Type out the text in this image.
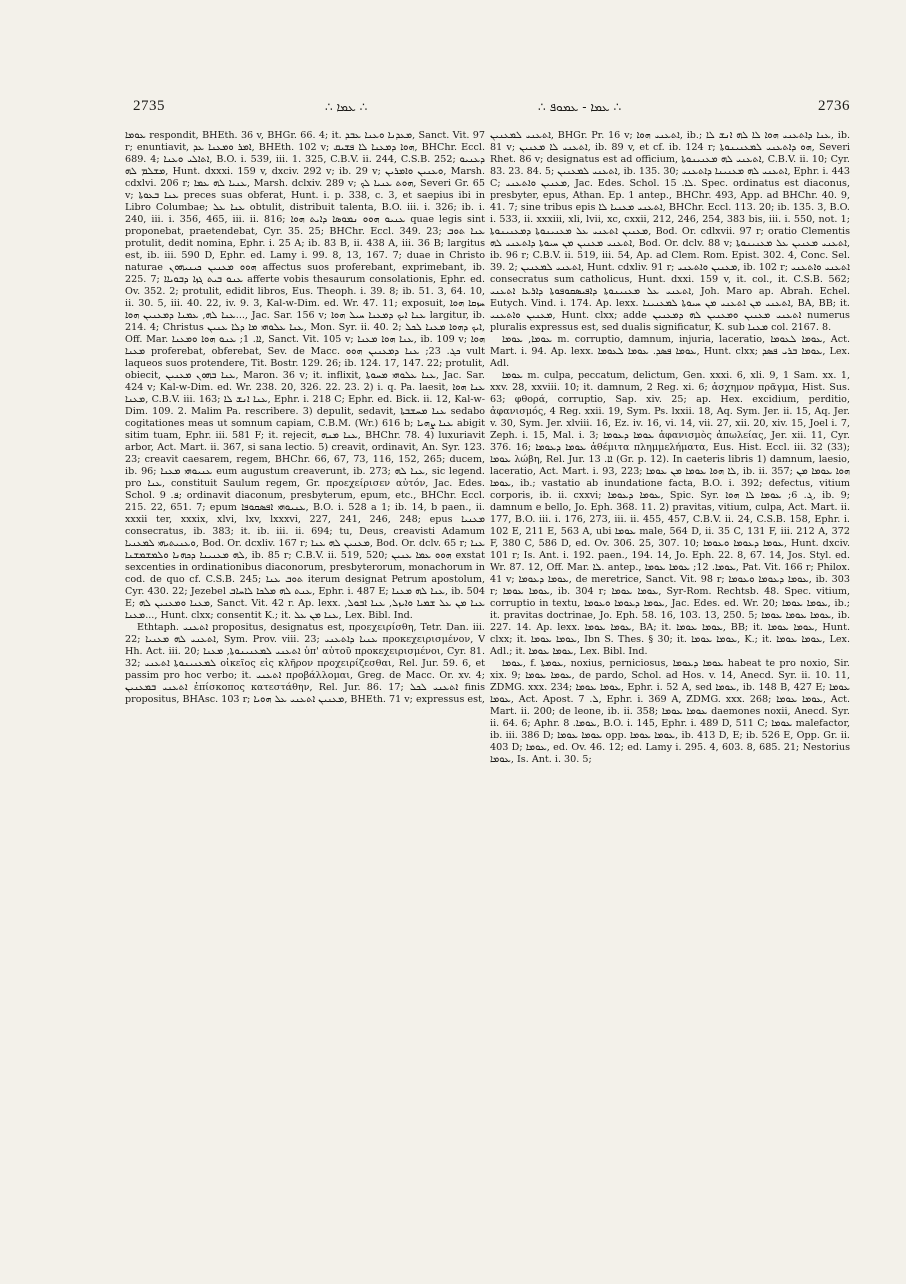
2735	∴ ܥܡܐ ∴	∴ ܥܡܐ - ܥܡܘܦ ∴	2736

ܥܘܡܐ respondit, BHEth. 36 v, BHGr. 66. 4; it. ܡܥܕܢܐ ܘܥܢܐ ܥܒܕ, Sanct. Vit. 97 r; enuntiavit, ܐܡܪ ܘܡܥܢܐ ܥܕ, BHEth. 102 v; ܗܘܐ ܕܡܥܢܐ ܠܐ ܦܫܝܩ, BHChr. Eccl. 689. 4; ܐܬܐܠܝ ܘܥܢܐ, B.O. i. 539, iii. 1. 325, C.B.V. ii. 244, C.S.B. 252; ܕܥܢܝܘ ܡܫܠܡ ܠܗ, Hunt. dxxxi. 159 v, dxciv. 292 v; ib. 29 v; ܘܥܢܝܢ ܘܐܡܪܝܢ, Marsh. cdxlvi. 206 r; ܥܢܝܐ ܠܗ ܥܡܐ, Marsh. dclxiv. 289 v; ܗܘܬ ܥܢܝܐ ܠܟ, Severi Gr. 65 v; ܥܢܐ ܒܥܘܬܐ preces suas obferat, Hunt. i. p. 338, c. 3, et saepius ibi in Libro Columbae; ܥܢܐ ܥܠ obtulit, distribuit talenta, B.O. iii. i. 326; ib. i. 240, iii. i. 356, 465, iii. ii. 816; ܥܢܝܘ ܗܘܘ ܢܡܘܣܐ ܕܐܝܬ ܗܘܐ quae legis sint proponebat, praetendebat, Cyr. 35. 25; BHChr. Eccl. 349. 23; ܥܢܐ ܬܘܒ protulit, dedit nomina, Ephr. i. 25 A; ib. 83 B, ii. 438 A, iii. 36 B; largitus est, ib. iii. 590 D, Ephr. ed. Lamy i. 99. 8, 13, 167. 7; duae in Christo naturae ܗܘܘ ܡܥܢܝܢ ܟܝܢܝܗܘܢ affectus suos proferebant, exprimebant, ib. 225. 7; ܥܢܘ ܒܝܬ ܓܙܐ ܕܒܘܝܐܐ afferte vobis thesaurum consolationis, Ephr. ed. Ov. 352. 2; protulit, edidit libros, Eus. Theoph. i. 39. 8; ib. 51. 3, 64. 10, ii. 30. 5, iii. 40. 22, iv. 9. 3, Kal-w-Dim. ed. Wr. 47. 11; exposuit, ܚܙܩܐ ܗܘܐ ܥܢܐ ܠܗ, ܥܡܢܐ ܕܡܥܢܝܢ ܗܘܐ..., Jac. Sar. 156 v; ܥܢܐ ܐܝܟ ܕܡܥܢܐ ܚܝܠ ܗܘܐ largitur, ib. 214. 4; Christus ܥܢܐ ܥܠܘܗܝ ܡܐ ܕܠܐ ܥܢܝܢ, Mon. Syr. ii. 40. 2; ܐܝܟ ܕܗܘܐ ܡܥܢܐ ܠܟܠ, Off. Mar. ܐܐ. 1; ܥܢܘ ܗܘܐ ܘܡܥܢܐ, Sanct. Vit. 105 v; ܥܢܐ ܗܘܐ ܡܥܢܐ, ib. 109 v; ܗܘܐ ܡܥܢܐ proferebat, obferebat, Sev. de Macc. ܟܓ. 23; ܥܢܐ ܕܡܥܢܝܢ ܗܘܘ vult laqueos suos protendere, Tit. Bostr. 129. 26; ib. 124. 17, 147. 22; protulit, obiecit, ܥܢܐ ܒܗܘܢ ܡܥܢܝܢ, Maron. 36 v; it. inflixit, ܥܢܐ ܥܠܘܗܝ ܡܚܘܬܐ, Jac. Sar. 424 v; Kal-w-Dim. ed. Wr. 238. 20, 326. 22. 23. 2) i. q. Pa. laesit, ܥܢܐ ܗܘܐ ܡܥܢܐ, C.B.V. iii. 163; ܥܢܐ ܐܢܫ ܠܐ, Ephr. i. 218 C; Ephr. ed. Bick. ii. 12, Kal-w-Dim. 109. 2. Malim Pa. rescribere. 3) depulit, sedavit, ܥܢܐ ܡܚܫܒܬܐ sedabo cogitationes meas ut somnum capiam, C.B.M. (Wr.) 616 b; ܥܢܐ ܨܗܝܐ abigit sitim tuam, Ephr. iii. 581 F; it. rejecit, ܥܢܐ ܡܢܗ, BHChr. 78. 4) luxuriavit arbor, Act. Mart. ii. 367, si sana lectio. 5) creavit, ordinavit, An. Syr. 123. 23; creavit caesarem, regem, BHChr. 66, 67, 73, 116, 152, 265; ducem, ib. 96; ܥܢܝܘܗܝ ܡܥܢܐ eum augustum creaverunt, ib. 273; ܥܢܐ ܠܗ, sic legend. pro ܥܢܐ, constituit Saulum regem, Gr. προεχείρισεν αὐτόν, Jac. Edes. Schol. ܦ. 9; ordinavit diaconum, presbyterum, epum, etc., BHChr. Eccl. 215. 22, 651. 7; epum ܥܢܝܘܗܝ ܐܦܣܩܘܦܐ, B.O. i. 528 a 1; ib. 14, b paen., ii. xxxii ter, xxxix, xlvi, lxv, lxxxvi, 227, 241, 246, 248; epus ܡܥܢܝܐ consecratus, ib. 383; it. ib. iii. ii. 694; tu, Deus, creavisti Adamum ܘܥܢܝܬܝܗܝ ܠܡܥܢܝܐ, Bod. Or. dcxliv. 167 r; ܡܥܢܝܢ ܠܗ ܥܢܐ, Bod. Or. dclv. 65 r; ܥܢܐ ܠܗ ܡܥܢܝܢܐ ܕܟܗܢܐ ܘܠܡܫܡܫܢܐ, ib. 85 r; C.B.V. ii. 519, 520; ܗܘܘ ܥܡܐ ܥܢܝܢ exstat sexcenties in ordinationibus diaconorum, presbyterorum, monachorum in cod. de quo cf. C.S.B. 245; ܬܘܒ ܥܢܐ iterum designat Petrum apostolum, Cyr. 430. 22; Jezebel ܥܢܬ ܠܗ ܡܠܟܐ ܠܐܚܐܒ, Ephr. i. 487 E; ܥܢܐ ܠܗ ܡܥܢܐ, ib. 504 E; ܡܥܢܐ ܘܡܥܢܝܢ ܠܗ, Sanct. Vit. 42 r. Ap. lexx. ܥܢܐ ܡܢ ܥܠ ܫܡܝܐ ܘܐܝܙܠ, ܥܢܐ ܐܒܘܠ, ܡܥܢܐ..., Hunt. clxx; consentit K.; it. ܥܢܐ ܡܢ ܥܠ, Lex. Bibl. Ind.

Ethtaph. ܐܬܥܢܝ propositus, designatus est, προεχειρίσθη, Tetr. Dan. iii. 22; ܐܬܥܢܝ ܠܗ ܡܥܢܝܐ, Sym. Prov. viii. 23; ܥܢܝܐ ܕܐܬܥܢܝ προκεχειρισμένον, V Hh. Act. iii. 20; ܐܬܥܢܝ ܠܡܥܢܝܢܘܬܐ, ܡܥܢܐ ὑπ' αὐτοῦ προκεχειρισμένοι, Cyr. 81. 32; ܠܡܥܢܝܢܘܬܐ ܐܬܥܢܝ οἰκεῖος εἰς κλῆρον προχειρίζεσθαι, Rel. Jur. 59. 6, et passim pro hoc verbo; it. ܐܬܥܢܝ προβάλλομαι, Greg. de Macc. Or. xv. 4; ܐܬܥܢܝ ܒܡܥܢܝܢ ἐπίσκοπος κατεστάθην, Rel. Jur. 86. 17; ܐܬܥܢܝ ܠܟܠ finis propositus, BHAsc. 103 r; ܡܥܢܝܢ ܐܬܥܢܝ ܥܠ ܗܘܝܐ, BHEth. 71 v; expressus est,

ܐܬܥܢܝ ܠܡܥܢܝܢ, BHGr. Pr. 16 v; ܐܬܥܢܝ ܗܘܐ, ib.; ܥܢܐ ܕܐܬܥܢܝ ܗܘܐ ܠܐ ܠܗ ܐܢܫ ܠܐ, ib. 81 v; ܐܬܥܢܝ ܠܐ ܡܥܢܝܢ, ib. 89 v, et cf. ib. 124 r; ܗܘ ܕܐܬܥܢܝ ܠܡܥܢܝܢܘܬܐ, Severi Rhet. 86 v; designatus est ad officium, ܐܬܥܢܝ ܠܗ ܡܥܢܝܢܘܬܐ, C.B.V. ii. 10; Cyr. 83. 23. 84. 5; ܐܬܥܢܝ ܠܡܥܢܝܢ, ib. 135. 30; ܐܬܥܢܝ ܠܗ ܡܥܢܝܢܐ ܕܐܬܥܢܝ, Ephr. i. 443 C; ܡܥܢܝܢ ܘܐܬܥܢܝ, Jac. Edes. Schol. ܠܐ. 15. Spec. ordinatus est diaconus, presbyter, epus, Athan. Ep. 1 antep., BHChr. 493, App. ad BHChr. 40. 9, 41. 7; sine tribus epis ܐܬܥܢܝ ܡܥܢܝܐ ܠܐ, BHChr. Eccl. 113. 20; ib. 135. 3, B.O. i. 533, ii. xxxiii, xli, lvii, xc, cxxii, 212, 246, 254, 383 bis, iii. i. 550, not. 1; ܡܥܢܝܢ ܐܬܥܢܝ ܥܠ ܡܥܢܝܢܘܬܐ ܕܡܥܢܝܢܘܬܐ, Bod. Or. cdlxvii. 97 r; oratio Clementis ܐܬܥܢܝ ܡܥܢܝܢ ܡܢ ܚܝܘܬܐ ܕܐܬܥܢܝ ܠܗ, Bod. Or. dclv. 88 v; ܐܬܥܢܝ ܡܥܢܝܢ ܥܠ ܡܥܢܝܢܘܬܐ, ib. 96 r; C.B.V. ii. 519, iii. 54, Ap. ad Clem. Rom. Epist. 302. 4, Conc. Sel. 39. 2; ܐܬܥܢܝ ܠܡܥܢܝܢ, Hunt. cdxliv. 91 r; ܡܥܢܝܢ ܘܐܬܥܢܝ, ib. 102 r; ܐܬܥܢܝ ܘܐܬܥܢܝ consecratus sum catholicus, Hunt. dxxi. 159 v, it. col., it. C.S.B. 562; ܐܬܥܢܝ ܥܠ ܡܥܢܝܢܘܬܐ ܕܐܦܝܣܩܘܦܘܬܐ ܕܐܪܥܐ ܐܬܥܢܝ, Joh. Maro ap. Abrah. Echel. Eutych. Vind. i. 174. Ap. lexx. ܐܬܥܢܝ ܡܢ ܐܬܥܢܝ ܡܢ ܚܝܘܬܐ ܠܡܥܢܝܢܐ, BA, BB; it. ܡܥܢܝܢ ܘܐܬܥܢܝ, Hunt. clxx; adde ܐܬܥܢܝ ܡܥܢܝܢ ܘܡܥܢܝܢ ܠܗ ܕܡܥܢܝܢ numerus pluralis expressus est, sed dualis significatur, K. sub ܡܥܢܐ col. 2167. 8.

ܥܘܡܐ, ܥܘܡܐ m. corruptio, damnum, injuria, laceratio, ܥܘܡܐ ܠܥܘܡܐ, Act. Mart. i. 94. Ap. lexx. ܥܘܡܐ ܦܣܕ. ܥܘܡܐ ܠܥܘܡܐ, Hunt. clxx; ܥܘܡܐ ܒܪܝ ܦܣܕ, Lex. Adl.

ܥܘܡܐ m. culpa, peccatum, delictum, Gen. xxxi. 6, xli. 9, 1 Sam. xx. 1, xxv. 28, xxviii. 10; it. damnum, 2 Reg. xi. 6; ἀσχημον πρᾶγμα, Hist. Sus. 63; φθορά, corruptio, Sap. xiv. 25; ap. Hex. excidium, perditio, ἀφανισμός, 4 Reg. xxii. 19, Sym. Ps. lxxii. 18, Aq. Sym. Jer. ii. 15, Aq. Jer. v. 30, Sym. Jer. xlviii. 16, Ez. iv. 16, vi. 14, vii. 27, xii. 20, xiv. 15, Joel i. 7, Zeph. i. 15, Mal. i. 3; ܥܘܡܐ ܕܥܘܡܐ ἀφανισμὸς ἀπωλείας, Jer. xii. 11, Cyr. 376. 16; ܥܘܡܐ ܕܥܘܡܐ ἀθέμιτα πλημμελήματα, Eus. Hist. Eccl. iii. 32 (33); ܥܘܡܐ λώβη, Rel. Jur. ܐܐ. 13 (Gr. p. 12). In caeteris libris 1) damnum, laesio, laceratio, Act. Mart. i. 93, 223; ܠܐ ܗܘܐ ܥܘܡܐ ܡܢ ܥܘܡܐ, ib. ii. 357; ܗܘܐ ܥܘܡܐ ܡܢ ܥܘܡܐ, ib.; vastatio ab inundatione facta, B.O. i. 392; defectus, vitium corporis, ib. ii. cxxvi; ܥܘܡܐ ܕܥܘܡܐ, Spic. Syr. ܓ. 6; ܥܘܡܐ ܠܐ ܗܘܐ, ib. 9; damnum e bello, Jo. Eph. 368. 11. 2) pravitas, vitium, culpa, Act. Mart. ii. 177, B.O. iii. i. 176, 273, iii. ii. 455, 457, C.B.V. ii. 24, C.S.B. 158, Ephr. i. 102 E, 211 E, 563 A, ubi ܥܘܡܐ male, 564 D, ii. 35 C, 131 F, iii. 212 A, 372 F, 380 C, 586 D, ed. Ov. 306. 25, 307. 10; ܥܘܡܐ ܕܥܘܡܐ ܘܥܘܡܐ, Hunt. dxciv. 101 r; Is. Ant. i. 192. paen., 194. 14, Jo. Eph. 22. 8, 67. 14, Jos. Styl. ed. Wr. 87. 12, Off. Mar. ܠܐ. antep., ܥܘܡܐ. 12; ܥܘܡܐ ܥܘܡܐ, Pat. Vit. 166 r; Philox. 41 v; ܥܘܡܐ ܕܥܘܡܐ, de meretrice, Sanct. Vit. 98 r; ܥܘܡܐ ܕܥܘܡܐ ܘܥܘܡܐ, ib. 303 r; ܥܘܡܐ ܥܘܡܐ, ib. 304 r; ܥܘܡܐ ܥܘܡܐ, Syr-Rom. Rechtsb. 48. Spec. vitium, corruptio in textu, ܥܘܡܐ ܕܥܘܡܐ ܘܥܘܡܐ, Jac. Edes. ed. Wr. 20; ܥܘܡܐ ܥܘܡܐ, ib.; it. pravitas doctrinae, Jo. Eph. 58. 16, 103. 13, 250. 5; ܥܘܡܐ ܥܘܡܐ ܥܘܡܐ, ib. 227. 14. Ap. lexx. ܥܘܡܐ ܥܘܡܐ, BA; it. ܥܘܡܐ ܥܘܡܐ, BB; it. ܥܘܡܐ ܥܘܡܐ, Hunt. clxx; it. ܥܘܡܐ ܥܘܡܐ, Ibn S. Thes. § 30; it. ܥܘܡܐ ܥܘܡܐ, K.; it. ܥܘܡܐ ܥܘܡܐ, Lex. Adl.; it. ܥܘܡܐ ܥܘܡܐ, Lex. Bibl. Ind.

ܥܘܡܐ, f. ܥܘܡܬܐ, noxius, perniciosus, ܥܘܡܐ ܕܥܘܡܐ habeat te pro noxio, Sir. xix. 9; ܥܘܡܐ ܥܘܡܐ, de pardo, Schol. ad Hos. v. 14, Anecd. Syr. ii. 10. 11, ZDMG. xxx. 234; ܥܘܡܐ ܥܘܡܐ, Ephr. i. 52 A, sed ܥܘܡܐ, ib. 148 B, 427 E; ܥܘܡܐ ܥܘܡܐ, Act. Apost. ܠ. 7, Ephr. i. 369 A, ZDMG. xxx. 268; ܥܘܡܐ ܥܘܡܐ, Act. Mart. ii. 200; de leone, ib. ii. 358; ܥܘܡܐ ܥܘܡܐ daemones noxii, Anecd. Syr. ii. 64. 6; Aphr. ܥܘܡܐ. 8, B.O. i. 145, Ephr. i. 489 D, 511 C; ܥܘܡܐ malefactor, ib. iii. 386 D; ܥܘܡܐ ܥܘܡܐ opp. ܥܘܡܐ ܥܘܡܐ, ib. 413 D, E; ib. 526 E, Opp. Gr. ii. 403 D; ܥܘܡܐ, ed. Ov. 46. 12; ed. Lamy i. 295. 4, 603. 8, 685. 21; Nestorius ܥܘܡܐ, Is. Ant. i. 30. 5;
